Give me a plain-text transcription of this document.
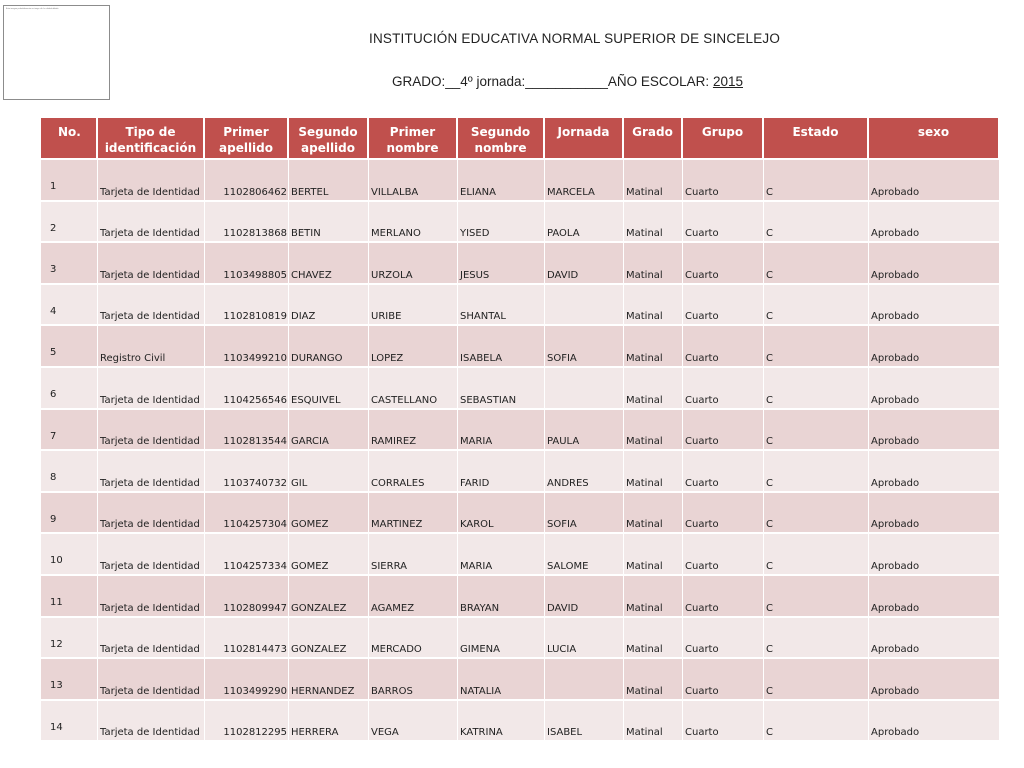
Esta imagen probablemente no tenga clic la calidad debida
INSTITUCIÓN EDUCATIVA NORMAL SUPERIOR DE SINCELEJO
GRADO:__4º jornada:___________AÑO ESCOLAR: 2015
No.	Tipo de identificación	Primer apellido	Segundo apellido	Primer nombre	Segundo nombre	Jornada	Grado	Grupo	Estado	sexo
1	Tarjeta de Identidad	1102806462	BERTEL	VILLALBA	ELIANA	MARCELA	Matinal	Cuarto	C	Aprobado
2	Tarjeta de Identidad	1102813868	BETIN	MERLANO	YISED	PAOLA	Matinal	Cuarto	C	Aprobado
3	Tarjeta de Identidad	1103498805	CHAVEZ	URZOLA	JESUS	DAVID	Matinal	Cuarto	C	Aprobado
4	Tarjeta de Identidad	1102810819	DIAZ	URIBE	SHANTAL		Matinal	Cuarto	C	Aprobado
5	Registro Civil	1103499210	DURANGO	LOPEZ	ISABELA	SOFIA	Matinal	Cuarto	C	Aprobado
6	Tarjeta de Identidad	1104256546	ESQUIVEL	CASTELLANO	SEBASTIAN		Matinal	Cuarto	C	Aprobado
7	Tarjeta de Identidad	1102813544	GARCIA	RAMIREZ	MARIA	PAULA	Matinal	Cuarto	C	Aprobado
8	Tarjeta de Identidad	1103740732	GIL	CORRALES	FARID	ANDRES	Matinal	Cuarto	C	Aprobado
9	Tarjeta de Identidad	1104257304	GOMEZ	MARTINEZ	KAROL	SOFIA	Matinal	Cuarto	C	Aprobado
10	Tarjeta de Identidad	1104257334	GOMEZ	SIERRA	MARIA	SALOME	Matinal	Cuarto	C	Aprobado
11	Tarjeta de Identidad	1102809947	GONZALEZ	AGAMEZ	BRAYAN	DAVID	Matinal	Cuarto	C	Aprobado
12	Tarjeta de Identidad	1102814473	GONZALEZ	MERCADO	GIMENA	LUCIA	Matinal	Cuarto	C	Aprobado
13	Tarjeta de Identidad	1103499290	HERNANDEZ	BARROS	NATALIA		Matinal	Cuarto	C	Aprobado
14	Tarjeta de Identidad	1102812295	HERRERA	VEGA	KATRINA	ISABEL	Matinal	Cuarto	C	Aprobado
